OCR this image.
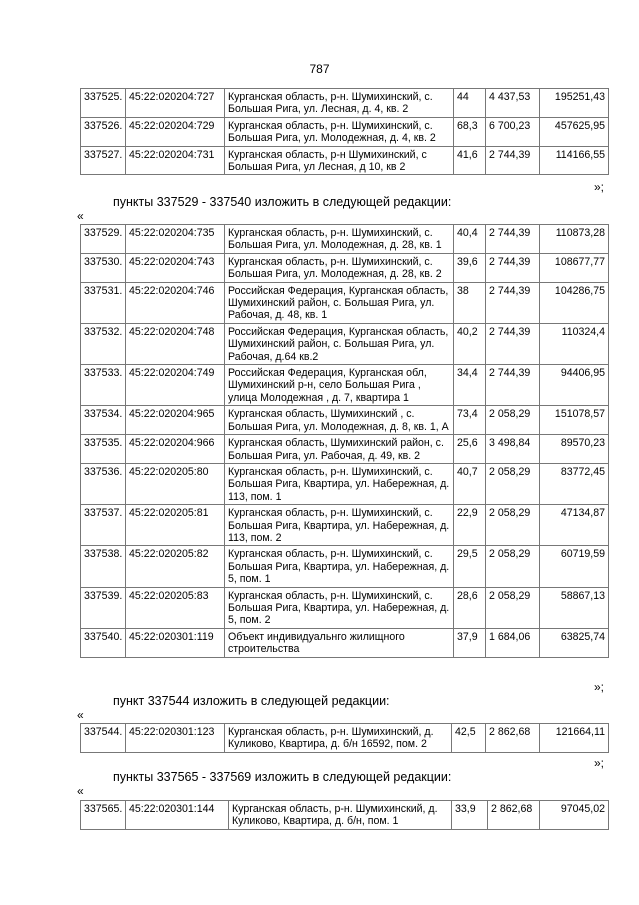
787
337525.	45:22:020204:727	Курганская область, р-н. Шумихинский, с. Большая Рига, ул. Лесная, д. 4, кв. 2	44	4 437,53	195251,43
337526.	45:22:020204:729	Курганская область, р-н. Шумихинский, с. Большая Рига, ул. Молодежная, д. 4, кв. 2	68,3	6 700,23	457625,95
337527.	45:22:020204:731	Курганская область, р-н Шумихинский, с Большая Рига, ул Лесная, д 10, кв 2	41,6	2 744,39	114166,55
»;
пункты 337529 - 337540 изложить в следующей редакции:
«
337529.	45:22:020204:735	Курганская область, р-н. Шумихинский, с. Большая Рига, ул. Молодежная, д. 28, кв. 1	40,4	2 744,39	110873,28
337530.	45:22:020204:743	Курганская область, р-н. Шумихинский, с. Большая Рига, ул. Молодежная, д. 28, кв. 2	39,6	2 744,39	108677,77
337531.	45:22:020204:746	Российская Федерация, Курганская область, Шумихинский район, с. Большая Рига, ул. Рабочая, д. 48, кв. 1	38	2 744,39	104286,75
337532.	45:22:020204:748	Российская Федерация, Курганская область, Шумихинский район, с. Большая Рига, ул. Рабочая, д.64 кв.2	40,2	2 744,39	110324,4
337533.	45:22:020204:749	Российская Федерация, Курганская обл, Шумихинский р-н, село Большая Рига , улица Молодежная , д. 7, квартира 1	34,4	2 744,39	94406,95
337534.	45:22:020204:965	Курганская область, Шумихинский , с. Большая Рига, ул. Молодежная, д. 8, кв. 1, А	73,4	2 058,29	151078,57
337535.	45:22:020204:966	Курганская область, Шумихинский район, с. Большая Рига, ул. Рабочая, д. 49, кв. 2	25,6	3 498,84	89570,23
337536.	45:22:020205:80	Курганская область, р-н. Шумихинский, с. Большая Рига, Квартира, ул. Набережная, д. 113, пом. 1	40,7	2 058,29	83772,45
337537.	45:22:020205:81	Курганская область, р-н. Шумихинский, с. Большая Рига, Квартира, ул. Набережная, д. 113, пом. 2	22,9	2 058,29	47134,87
337538.	45:22:020205:82	Курганская область, р-н. Шумихинский, с. Большая Рига, Квартира, ул. Набережная, д. 5, пом. 1	29,5	2 058,29	60719,59
337539.	45:22:020205:83	Курганская область, р-н. Шумихинский, с. Большая Рига, Квартира, ул. Набережная, д. 5, пом. 2	28,6	2 058,29	58867,13
337540.	45:22:020301:119	Объект индивидуальнго жилищного строительства	37,9	1 684,06	63825,74
»;
пункт 337544 изложить в следующей редакции:
«
337544.	45:22:020301:123	Курганская область, р-н. Шумихинский, д. Куликово, Квартира, д. б/н 16592, пом. 2	42,5	2 862,68	121664,11
»;
пункты 337565 - 337569 изложить в следующей редакции:
«
337565.	45:22:020301:144	Курганская область, р-н. Шумихинский, д. Куликово, Квартира, д. б/н, пом. 1	33,9	2 862,68	97045,02
